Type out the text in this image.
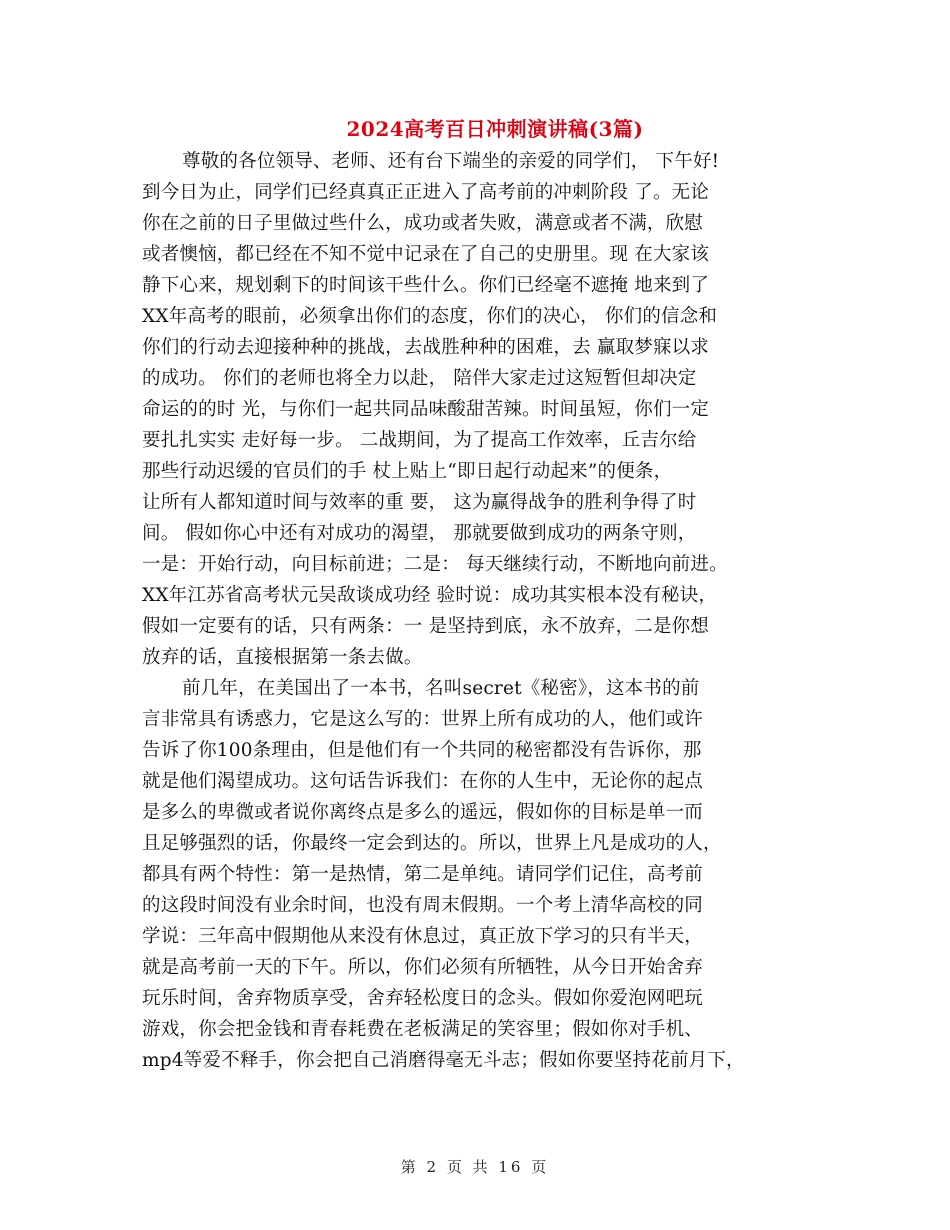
2024高考百日冲刺演讲稿(3篇)
尊敬的各位领导、老师、还有台下端坐的亲爱的同学们， 下午好!
到今日为止，同学们已经真真正正进入了高考前的冲刺阶段 了。无论
你在之前的日子里做过些什么，成功或者失败，满意或者不满，欣慰
或者懊恼，都已经在不知不觉中记录在了自己的史册里。现 在大家该
静下心来，规划剩下的时间该干些什么。你们已经毫不遮掩 地来到了
XX年高考的眼前，必须拿出你们的态度，你们的决心， 你们的信念和
你们的行动去迎接种种的挑战，去战胜种种的困难，去 赢取梦寐以求
的成功。 你们的老师也将全力以赴， 陪伴大家走过这短暂但却决定
命运的的时 光，与你们一起共同品味酸甜苦辣。时间虽短，你们一定
要扎扎实实 走好每一步。 二战期间，为了提高工作效率，丘吉尔给
那些行动迟缓的官员们的手 杖上贴上“即日起行动起来”的便条，
让所有人都知道时间与效率的重 要， 这为赢得战争的胜利争得了时
间。 假如你心中还有对成功的渴望， 那就要做到成功的两条守则，
一是：开始行动，向目标前进；二是： 每天继续行动，不断地向前进。
XX年江苏省高考状元吴敌谈成功经 验时说：成功其实根本没有秘诀，
假如一定要有的话，只有两条：一 是坚持到底，永不放弃，二是你想
放弃的话，直接根据第一条去做。
前几年，在美国出了一本书，名叫secret《秘密》，这本书的前
言非常具有诱惑力，它是这么写的：世界上所有成功的人，他们或许
告诉了你100条理由，但是他们有一个共同的秘密都没有告诉你，那
就是他们渴望成功。这句话告诉我们：在你的人生中，无论你的起点
是多么的卑微或者说你离终点是多么的遥远，假如你的目标是单一而
且足够强烈的话，你最终一定会到达的。所以，世界上凡是成功的人，
都具有两个特性：第一是热情，第二是单纯。请同学们记住，高考前
的这段时间没有业余时间，也没有周末假期。一个考上清华高校的同
学说：三年高中假期他从来没有休息过，真正放下学习的只有半天，
就是高考前一天的下午。所以，你们必须有所牺牲，从今日开始舍弃
玩乐时间，舍弃物质享受，舍弃轻松度日的念头。假如你爱泡网吧玩
游戏，你会把金钱和青春耗费在老板满足的笑容里；假如你对手机、
mp4等爱不释手，你会把自己消磨得毫无斗志；假如你要坚持花前月下，
第 2 页 共 16 页
